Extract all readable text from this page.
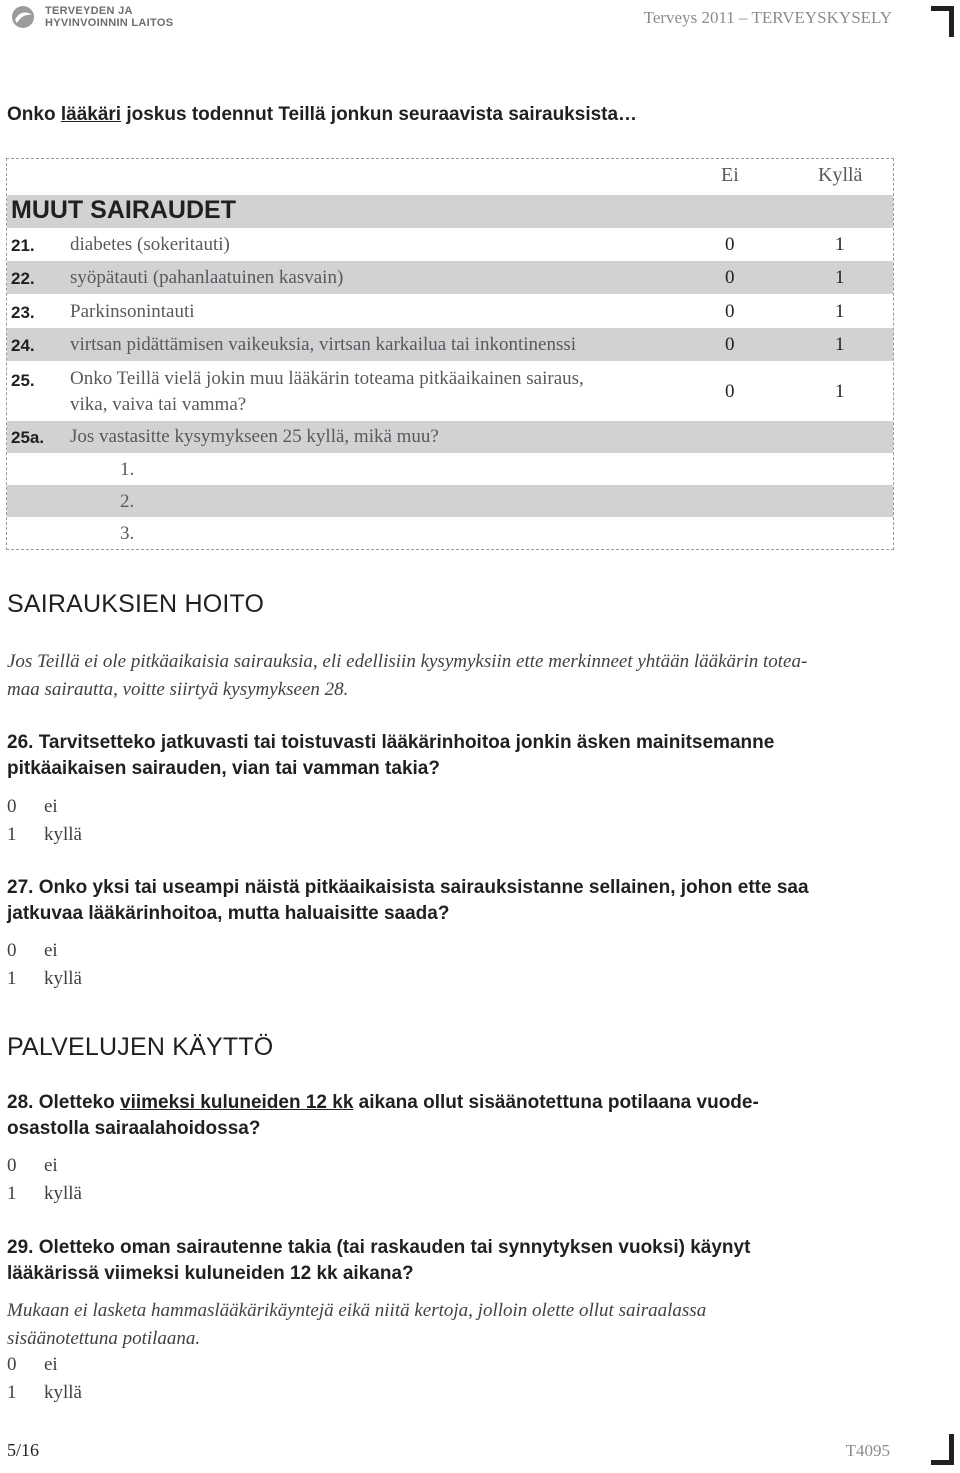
TERVEYDEN JA
HYVINVOINNIN LAITOS	Terveys 2011 – TERVEYSKYSELY
Onko lääkäri joskus todennut Teillä jonkun seuraavista sairauksista…
Ei	Kyllä
MUUT SAIRAUDET
21. diabetes (sokeritauti)	0	1
22. syöpätauti (pahanlaatuinen kasvain)	0	1
23. Parkinsonintauti	0	1
24. virtsan pidättämisen vaikeuksia, virtsan karkailua tai inkontinenssi	0	1
25. Onko Teillä vielä jokin muu lääkärin toteama pitkäaikainen sairaus,
vika, vaiva tai vamma?
0	1
25a. Jos vastasitte kysymykseen 25 kyllä, mikä muu?
1.
2.
3.
SAIRAUKSIEN HOITO
Jos Teillä ei ole pitkäaikaisia sairauksia, eli edellisiin kysymyksiin ette merkinneet yhtään lääkärin totea-
maa sairautta, voitte siirtyä kysymykseen 28.
26. Tarvitsetteko jatkuvasti tai toistuvasti lääkärinhoitoa jonkin äsken mainitsemanne
pitkäaikaisen sairauden, vian tai vamman takia?
0 ei
1 kyllä
27. Onko yksi tai useampi näistä pitkäaikaisista sairauksistanne sellainen, johon ette saa
jatkuvaa lääkärinhoitoa, mutta haluaisitte saada?
0 ei
1 kyllä
PALVELUJEN KÄYTTÖ
28. Oletteko viimeksi kuluneiden 12 kk aikana ollut sisäänotettuna potilaana vuode-
osastolla sairaalahoidossa?
0 ei
1 kyllä
29. Oletteko oman sairautenne takia (tai raskauden tai synnytyksen vuoksi) käynyt
lääkärissä viimeksi kuluneiden 12 kk aikana?
Mukaan ei lasketa hammaslääkärikäyntejä eikä niitä kertoja, jolloin olette ollut sairaalassa
sisäänotettuna potilaana.
0 ei
1 kyllä
5/16	T4095
